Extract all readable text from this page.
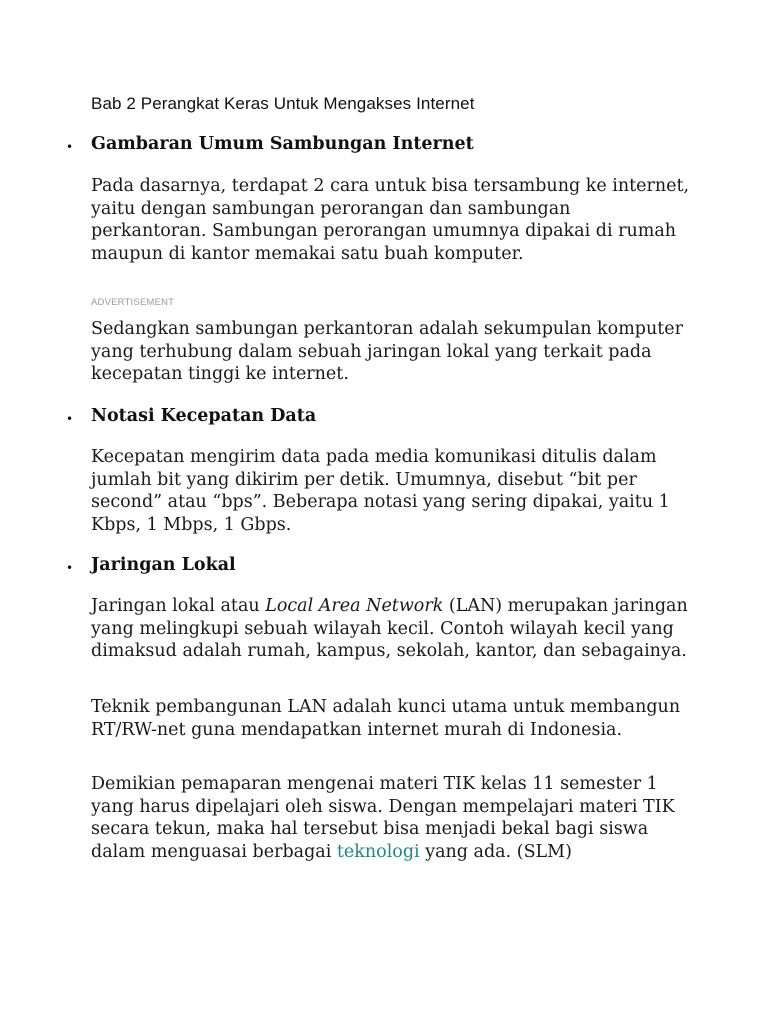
Bab 2 Perangkat Keras Untuk Mengakses Internet
• Gambaran Umum Sambungan Internet

Pada dasarnya, terdapat 2 cara untuk bisa tersambung ke internet, yaitu dengan sambungan perorangan dan sambungan perkantoran. Sambungan perorangan umumnya dipakai di rumah maupun di kantor memakai satu buah komputer.

ADVERTISEMENT

Sedangkan sambungan perkantoran adalah sekumpulan komputer yang terhubung dalam sebuah jaringan lokal yang terkait pada kecepatan tinggi ke internet.

• Notasi Kecepatan Data

Kecepatan mengirim data pada media komunikasi ditulis dalam jumlah bit yang dikirim per detik. Umumnya, disebut “bit per second” atau “bps”. Beberapa notasi yang sering dipakai, yaitu 1 Kbps, 1 Mbps, 1 Gbps.

• Jaringan Lokal

Jaringan lokal atau Local Area Network (LAN) merupakan jaringan yang melingkupi sebuah wilayah kecil. Contoh wilayah kecil yang dimaksud adalah rumah, kampus, sekolah, kantor, dan sebagainya.

Teknik pembangunan LAN adalah kunci utama untuk membangun RT/RW-net guna mendapatkan internet murah di Indonesia.

Demikian pemaparan mengenai materi TIK kelas 11 semester 1 yang harus dipelajari oleh siswa. Dengan mempelajari materi TIK secara tekun, maka hal tersebut bisa menjadi bekal bagi siswa dalam menguasai berbagai teknologi yang ada. (SLM)
